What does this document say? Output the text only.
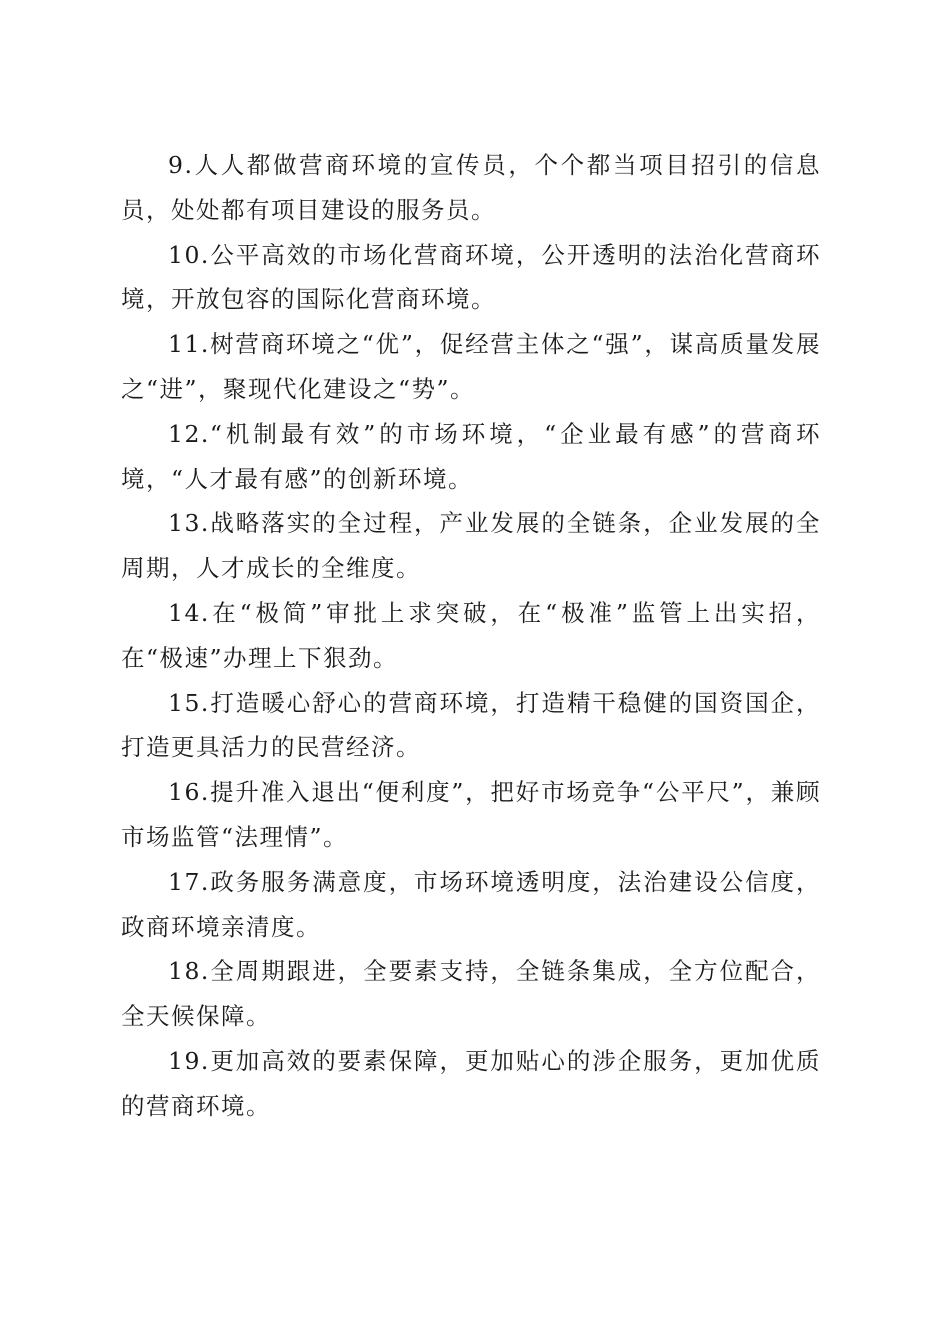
9.人人都做营商环境的宣传员，个个都当项目招引的信息员，处处都有项目建设的服务员。

10.公平高效的市场化营商环境，公开透明的法治化营商环境，开放包容的国际化营商环境。

11.树营商环境之“优”，促经营主体之“强”，谋高质量发展之“进”，聚现代化建设之“势”。

12.“机制最有效”的市场环境，“企业最有感”的营商环境，“人才最有感”的创新环境。

13.战略落实的全过程，产业发展的全链条，企业发展的全周期，人才成长的全维度。

14.在“极简”审批上求突破，在“极准”监管上出实招，在“极速”办理上下狠劲。

15.打造暖心舒心的营商环境，打造精干稳健的国资国企，打造更具活力的民营经济。

16.提升准入退出“便利度”，把好市场竞争“公平尺”，兼顾市场监管“法理情”。

17.政务服务满意度，市场环境透明度，法治建设公信度，政商环境亲清度。

18.全周期跟进，全要素支持，全链条集成，全方位配合，全天候保障。

19.更加高效的要素保障，更加贴心的涉企服务，更加优质的营商环境。
